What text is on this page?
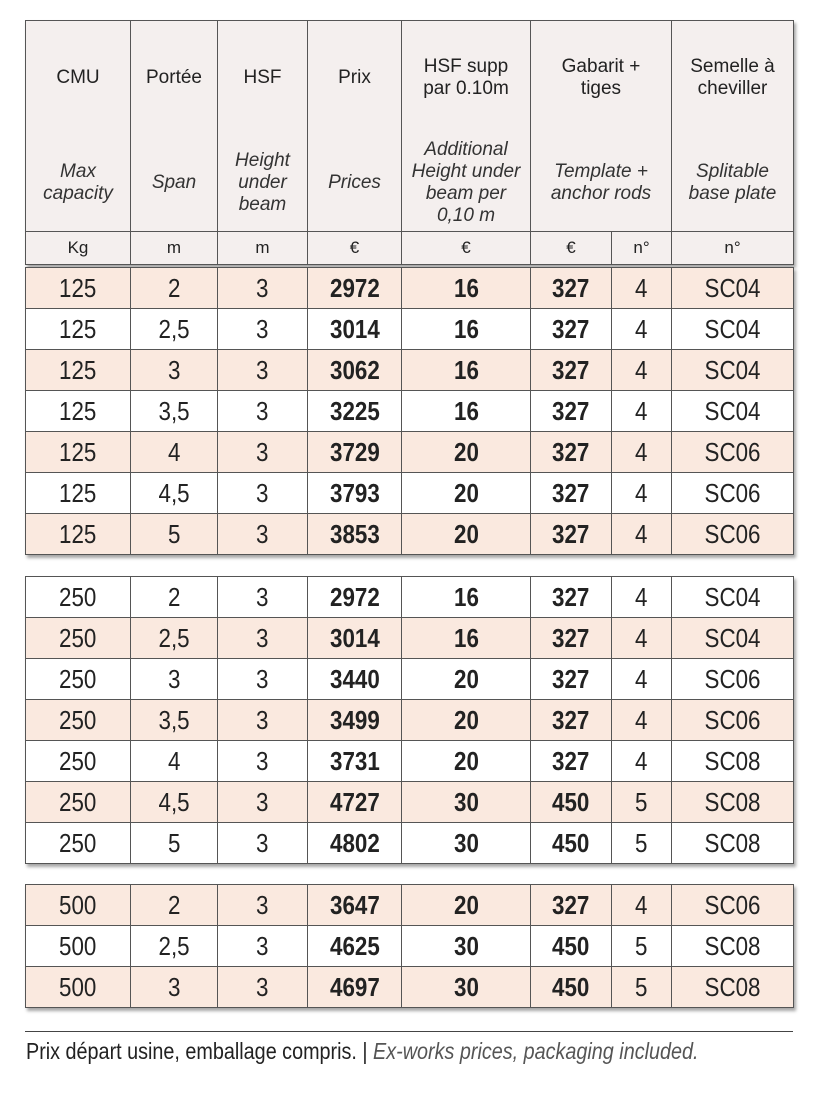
CMU	Portée	HSF	Prix	HSF supp par 0.10m	Gabarit + tiges		Semelle à cheviller

Max capacity	Span	Height under beam	Prices	Additional Height under beam per 0,10 m	Template + anchor rods		Splitable base plate

Kg	m	m	€	€	€	n°	n°
125	2	3	2972	16	327	4	SC04
125	2,5	3	3014	16	327	4	SC04
125	3	3	3062	16	327	4	SC04
125	3,5	3	3225	16	327	4	SC04
125	4	3	3729	20	327	4	SC06
125	4,5	3	3793	20	327	4	SC06
125	5	3	3853	20	327	4	SC06
250	2	3	2972	16	327	4	SC04
250	2,5	3	3014	16	327	4	SC04
250	3	3	3440	20	327	4	SC06
250	3,5	3	3499	20	327	4	SC06
250	4	3	3731	20	327	4	SC08
250	4,5	3	4727	30	450	5	SC08
250	5	3	4802	30	450	5	SC08
500	2	3	3647	20	327	4	SC06
500	2,5	3	4625	30	450	5	SC08
500	3	3	4697	30	450	5	SC08
Prix départ usine, emballage compris. | Ex-works prices, packaging included.
